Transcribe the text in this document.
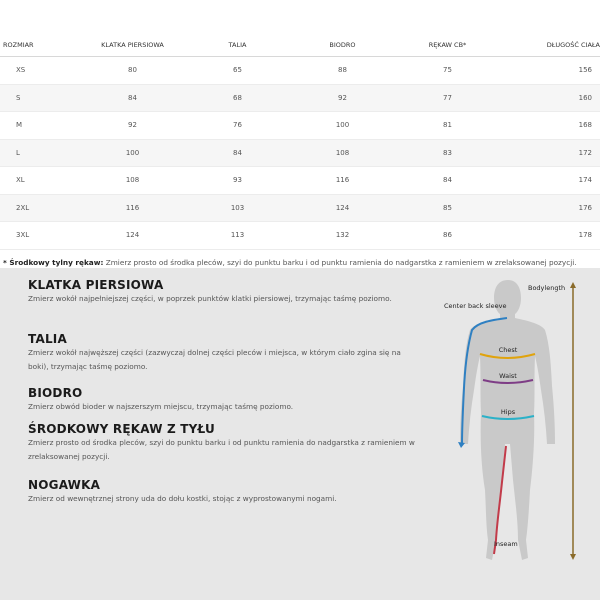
ROZMIAR	KLATKA PIERSIOWA	TALIA	BIODRO	RĘKAW CB*	DŁUGOŚĆ CIAŁA
XS	80	65	88	75	156
S	84	68	92	77	160
M	92	76	100	81	168
L	100	84	108	83	172
XL	108	93	116	84	174
2XL	116	103	124	85	176
3XL	124	113	132	86	178
* Środkowy tylny rękaw: Zmierz prosto od środka pleców, szyi do punktu barku i od punktu ramienia do nadgarstka z ramieniem w zrelaksowanej pozycji.
KLATKA PIERSIOWA
Zmierz wokół najpełniejszej części, w poprzek punktów klatki piersiowej, trzymając taśmę poziomo.
TALIA
Zmierz wokół najwęższej części (zazwyczaj dolnej części pleców i miejsca, w którym ciało zgina się na boki), trzymając taśmę poziomo.
BIODRO
Zmierz obwód bioder w najszerszym miejscu, trzymając taśmę poziomo.
ŚRODKOWY RĘKAW Z TYŁU
Zmierz prosto od środka pleców, szyi do punktu barku i od punktu ramienia do nadgarstka z ramieniem w zrelaksowanej pozycji.
NOGAWKA
Zmierz od wewnętrznej strony uda do dołu kostki, stojąc z wyprostowanymi nogami.
Center back sleeve
Bodylength
Chest
Waist
Hips
Inseam
